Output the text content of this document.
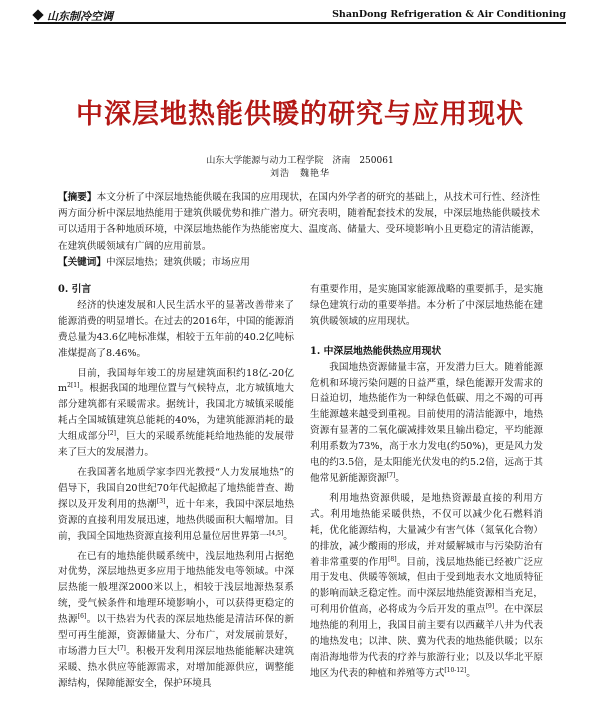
山东制冷空调	ShanDong Refrigeration & Air Conditioning
中深层地热能供暖的研究与应用现状
山东大学能源与动力工程学院　济南　250061
刘浩　魏艳华
【摘要】本文分析了中深层地热能供暖在我国的应用现状，在国内外学者的研究的基础上，从技术可行性、经济性两方面分析中深层地热能用于建筑供暖优势和推广潜力。研究表明，随着配套技术的发展，中深层地热能供暖技术可以适用于各种地质环境，中深层地热能作为热能密度大、温度高、储量大、受环境影响小且更稳定的清洁能源，在建筑供暖领域有广阔的应用前景。
【关键词】中深层地热；建筑供暖；市场应用
0. 引言

经济的快速发展和人民生活水平的显著改善带来了能源消费的明显增长。在过去的2016年，中国的能源消费总量为43.6亿吨标准煤，相较于五年前的40.2亿吨标准煤提高了8.46%。

目前，我国每年竣工的房屋建筑面积约18亿-20亿$m^{2[1]}$。根据我国的地理位置与气候特点，北方城镇地大部分建筑都有采暖需求。据统计，我国北方城镇采暖能耗占全国城镇建筑总能耗的40%，为建筑能源消耗的最大组成部分[2]，巨大的采暖系统能耗给地热能的发展带来了巨大的发展潜力。

在我国著名地质学家李四光教授“人力发展地热”的倡导下，我国自20世纪70年代起掀起了地热能普查、勘探以及开发利用的热潮[3]，近十年来，我国中深层地热资源的直接利用发展迅速，地热供暖面积大幅增加。目前，我国全国地热资源直接利用总量位居世界第一[4,5]。

在已有的地热能供暖系统中，浅层地热利用占据绝对优势，深层地热更多应用于地热能发电等领域。中深层热能一般埋深2000米以上，相较于浅层地源热泵系统，受气候条件和地理环境影响小，可以获得更稳定的热源[6]。以干热岩为代表的深层地热能是清洁环保的新型可再生能源，资源储量大、分布广，对发展前景好，市场潜力巨大[7]。积极开发利用深层地热能能解决建筑采暖、热水供应等能源需求，对增加能源供应，调整能源结构，保障能源安全，保护环境具

有重要作用，是实施国家能源战略的重要抓手，是实施绿色建筑行动的重要举措。本分析了中深层地热能在建筑供暖领域的应用现状。

1. 中深层地热能供热应用现状

我国地热资源储量丰富，开发潜力巨大。随着能源危机和环境污染问题的日益严重，绿色能源开发需求的日益迫切，地热能作为一种绿色低碳、用之不竭的可再生能源越来越受到重视。目前使用的清洁能源中，地热资源有显著的二氧化碳减排效果且输出稳定，平均能源利用系数为73%，高于水力发电(约50%)，更是风力发电的约3.5倍，是太阳能光伏发电的约5.2倍，远高于其他常见新能源资源[7]。

利用地热资源供暖，是地热资源最直接的利用方式。利用地热能采暖供热，不仅可以减少化石燃料消耗，优化能源结构，大量减少有害气体（氮氧化合物）的排放，减少酸雨的形成，并对緩解城市与污染防治有着非常重要的作用[8]。目前，浅层地热能已经被广泛应用于发电、供暖等领域，但由于受到地表水文地质特征的影响而缺乏稳定性。而中深层地热能资源相当充足，可利用价值高，必将成为今后开发的重点[9]。在中深层地热能的利用上，我国目前主要有以西藏羊八井为代表的地热发电；以津、陕、冀为代表的地热能供暖；以东南沿海地带为代表的疗养与旅游行业；以及以华北平原地区为代表的种植和养殖等方式[10-12]。
